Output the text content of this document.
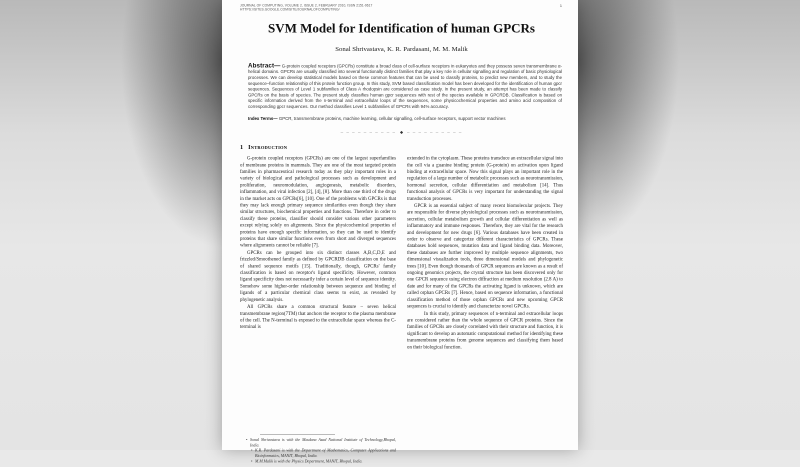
JOURNAL OF COMPUTING, VOLUME 2, ISSUE 2, FEBRUARY 2010, ISSN 2151-9617
HTTPS://SITES.GOOGLE.COM/SITE/JOURNALOFCOMPUTING/
1
SVM Model for Identification of human GPCRs
Sonal Shrivastava, K. R. Pardasani, M. M. Malik

Abstract— G-protein coupled receptors (GPCRs) constitute a broad class of cell-surface receptors in eukaryotes and they possess seven transmembrane α-helical domains. GPCRs are usually classified into several functionally distinct families that play a key role in cellular signalling and regulation of basic physiological processes. We can develop statistical models based on these common features that can be used to classify proteins, to predict new members, and to study the sequence–function relationship of this protein function group. In this study, SVM based classification model has been developed for the identification of human gpcr sequences. Sequences of Level 1 subfamilies of Class A rhodopsin are considered as case study. In the present study, an attempt has been made to classify GPCRs on the basis of species. The present study classifies human gpcr sequences with rest of the species available in GPCRDB. Classification is based on specific information derived from the n-terminal and extracellular loops of the sequences, some physicochemical properties and amino acid composition of corresponding gpcr sequences. Our method classifies Level 1 subfamilies of GPCRs with 94% accuracy.

Index Terms— GPCR, transmembrane proteins, machine learning, cellular signalling, cell-surface receptors, support vector machines

– – – – – – – – – – ◆ – – – – – – – – – –
1 Introduction

G-protein coupled receptors (GPCRs) are one of the largest superfamilies of membrane proteins in mammals. They are one of the most targeted protein families in pharmaceutical research today as they play important roles in a variety of biological and pathological processes such as development and proliferation, neuromodulation, angiogenesis, metabolic disorders, inflammation, and viral infection [2], [4], [8]. More than one third of the drugs in the market acts on GPCRs[6], [10]. One of the problems with GPCRs is that they may lack enough primary sequence similarities even though they share similar structures, biochemical properties and functions. Therefore in order to classify these proteins, classifier should consider various other parameters except relying solely on alignments. Since the physicochemical properties of proteins have enough specific information, so they can be used to identify proteins that share similar functions even from short and diverged sequences where alignments cannot be reliable [7].

GPCRs can be grouped into six distinct classes A,B,C,D,E and frizzled/Smoothened family as defined by GPCRDB classification on the base of shared sequence motifs [15]. Traditionally, though, GPCRs' family classification is based on receptor's ligand specificity. However, common ligand specificity does not necessarily infer a certain level of sequence identity. Somehow some higher-order relationship between sequence and binding of ligands of a particular chemical class seems to exist, as revealed by phylogenetic analysis.

All GPCRs share a common structural feature – seven helical transmembrane region(7TM) that anchors the receptor to the plasma membrane of the cell. The N-terminal is exposed to the extracellular space whereas the C-terminal is

• Sonal Shrivastava is with the Maulana Azad National Institute of Technology,Bhopal, India.
• K.R. Pardasani is with the Department of Mathematics, Computer Applications and Bioinformatics, MANIT, Bhopal, India.
• M.M.Malik is with the Physics Department, MANIT, Bhopal, India.

extended in the cytoplasm. These proteins transduce an extracellular signal into the cell via a guanine binding protein (G-protein) on activation upon ligand binding at extracellular space. Now this signal plays an important role in the regulation of a large number of metabolic processes such as neurotransmission, hormonal secretion, cellular differentiation and metabolism [14]. Thus functional analysis of GPCRs is very important for understanding the signal transduction processes.

GPCR is an essential subject of many recent biomolecular projects. They are responsible for diverse physiological processes such as neurotransmission, secretion, cellular metabolism growth and cellular differentiation as well as inflammatory and immune responses. Therefore, they are vital for the research and development for new drugs [6]. Various databases have been created in order to observe and categorize different characteristics of GPCRs. These databases hold sequences, mutation data and ligand binding data. Moreover, these databases are further improved by multiple sequence alignments, two dimensional visualization tools, three dimensional models and phylogenetic trees [10]. Even though thousands of GPCR sequences are known as a result of ongoing genomics projects, the crystal structure has been discovered only for one GPCR sequence using electron diffraction at medium resolution (2.8 A) to date and for many of the GPCRs the activating ligand is unknown, which are called orphan GPCRs [7]. Hence, based on sequence information, a functional classification method of those orphan GPCRs and new upcoming GPCR sequences is crucial to identify and characterize novel GPCRs.

In this study, primary sequences of n-terminal and extracellular loops are considered rather than the whole sequence of GPCR proteins. Since the families of GPCRs are closely correlated with their structure and function, it is significant to develop an automatic computational method for identifying these transmembrane proteins from genome sequences and classifying them based on their biological function.
